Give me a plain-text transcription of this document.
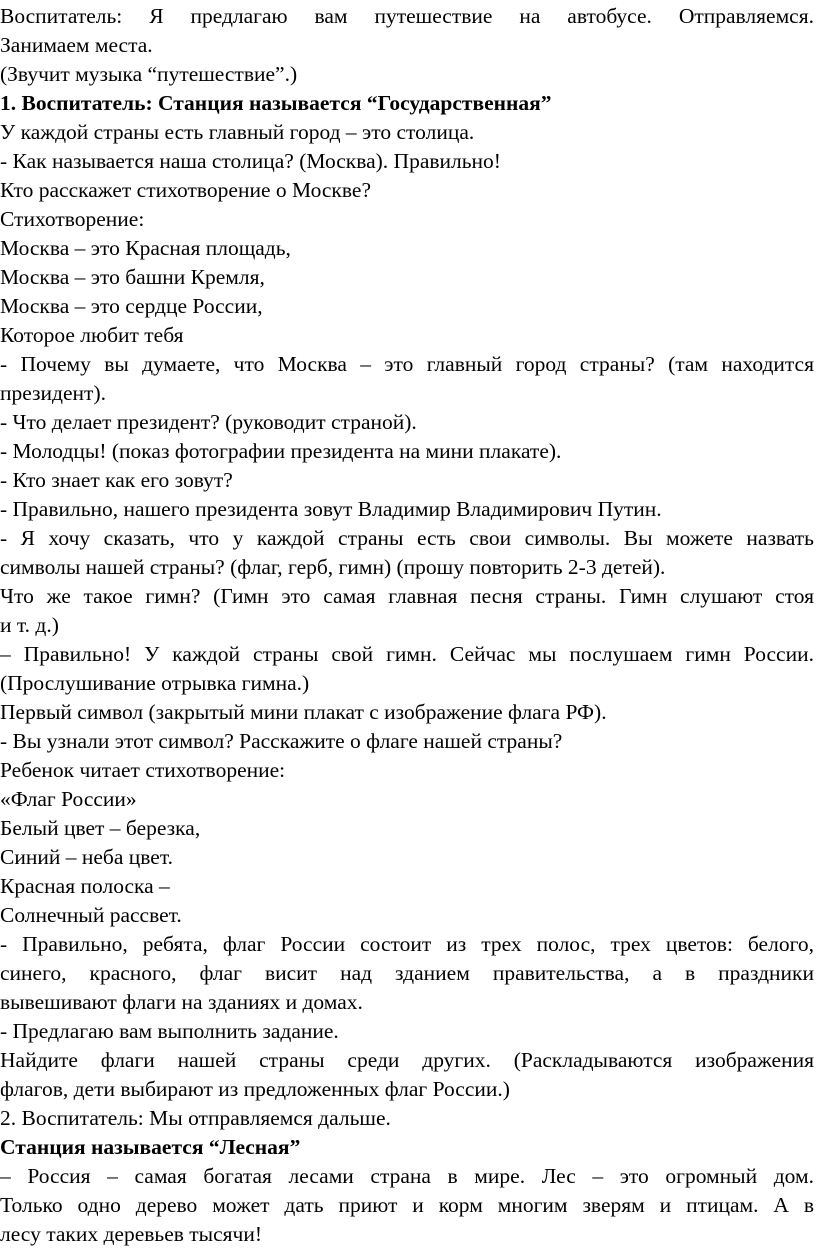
Воспитатель: Я предлагаю вам путешествие на автобусе. Отправляемся.
Занимаем места.
(Звучит музыка “путешествие”.)
1. Воспитатель: Станция называется “Государственная”
У каждой страны есть главный город – это столица.
- Как называется наша столица? (Москва). Правильно!
Кто расскажет стихотворение о Москве?
Стихотворение:
Москва – это Красная площадь,
Москва – это башни Кремля,
Москва – это сердце России,
Которое любит тебя
- Почему вы думаете, что Москва – это главный город страны? (там находится
президент).
- Что делает президент? (руководит страной).
- Молодцы! (показ фотографии президента на мини плакате).
- Кто знает как его зовут?
- Правильно, нашего президента зовут Владимир Владимирович Путин.
- Я хочу сказать, что у каждой страны есть свои символы. Вы можете назвать
символы нашей страны? (флаг, герб, гимн) (прошу повторить 2-3 детей).
Что же такое гимн? (Гимн это самая главная песня страны. Гимн слушают стоя
и т. д.)
– Правильно! У каждой страны свой гимн. Сейчас мы послушаем гимн России.
(Прослушивание отрывка гимна.)
Первый символ (закрытый мини плакат с изображение флага РФ).
- Вы узнали этот символ? Расскажите о флаге нашей страны?
Ребенок читает стихотворение:
«Флаг России»
Белый цвет – березка,
Синий – неба цвет.
Красная полоска –
Солнечный рассвет.
- Правильно, ребята, флаг России состоит из трех полос, трех цветов: белого,
синего, красного, флаг висит над зданием правительства, а в праздники
вывешивают флаги на зданиях и домах.
- Предлагаю вам выполнить задание.
Найдите флаги нашей страны среди других. (Раскладываются изображения
флагов, дети выбирают из предложенных флаг России.)
2. Воспитатель: Мы отправляемся дальше.
Станция называется “Лесная”
– Россия – самая богатая лесами страна в мире. Лес – это огромный дом.
Только одно дерево может дать приют и корм многим зверям и птицам. А в
лесу таких деревьев тысячи!
